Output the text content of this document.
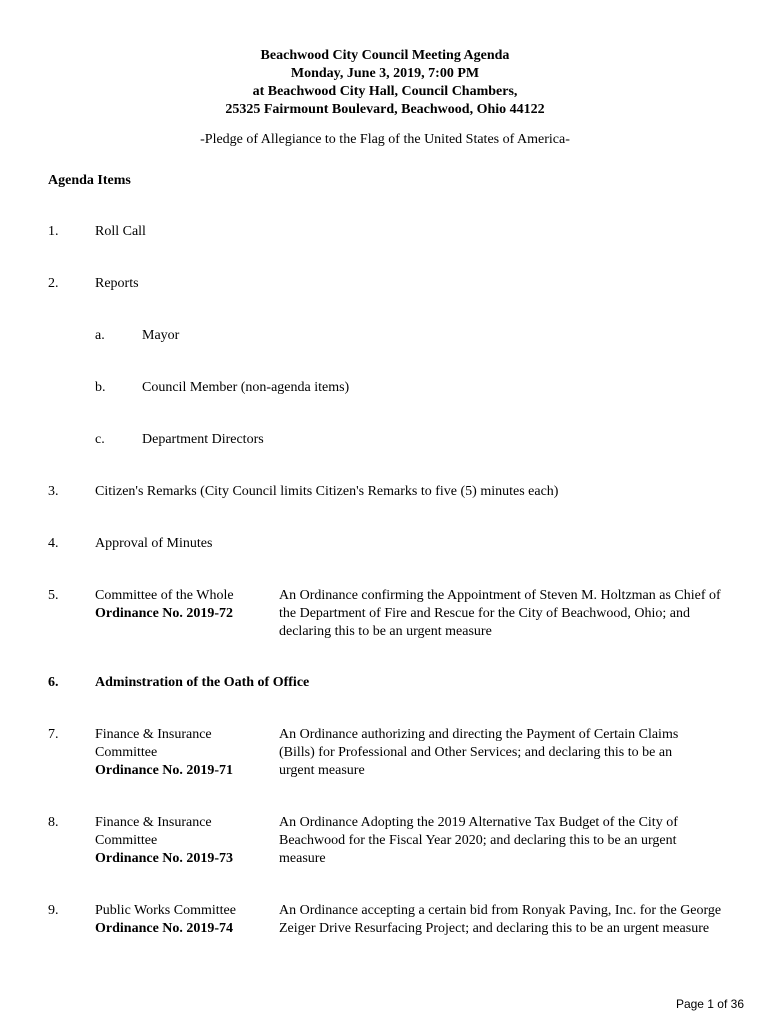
Beachwood City Council Meeting Agenda
Monday, June 3, 2019, 7:00 PM
at Beachwood City Hall, Council Chambers,
25325 Fairmount Boulevard, Beachwood, Ohio 44122
-Pledge of Allegiance to the Flag of the United States of America-
Agenda Items
1.	Roll Call
2.	Reports
a.	Mayor
b.	Council Member (non-agenda items)
c.	Department Directors
3.	Citizen's Remarks (City Council limits Citizen's Remarks to five (5) minutes each)
4.	Approval of Minutes
5.	Committee of the Whole
Ordinance No. 2019-72
An Ordinance confirming the Appointment of Steven M. Holtzman as Chief of the Department of Fire and Rescue for the City of Beachwood, Ohio; and declaring this to be an urgent measure
6.	Adminstration of the Oath of Office
7.	Finance & Insurance Committee
Ordinance No. 2019-71
An Ordinance authorizing and directing the Payment of Certain Claims (Bills) for Professional and Other Services; and declaring this to be an urgent measure
8.	Finance & Insurance Committee
Ordinance No. 2019-73
An Ordinance Adopting the 2019 Alternative Tax Budget of the City of Beachwood for the Fiscal Year 2020; and declaring this to be an urgent measure
9.	Public Works Committee
Ordinance No. 2019-74
An Ordinance accepting a certain bid from Ronyak Paving, Inc. for the George Zeiger Drive Resurfacing Project; and declaring this to be an urgent measure
Page 1 of 36
